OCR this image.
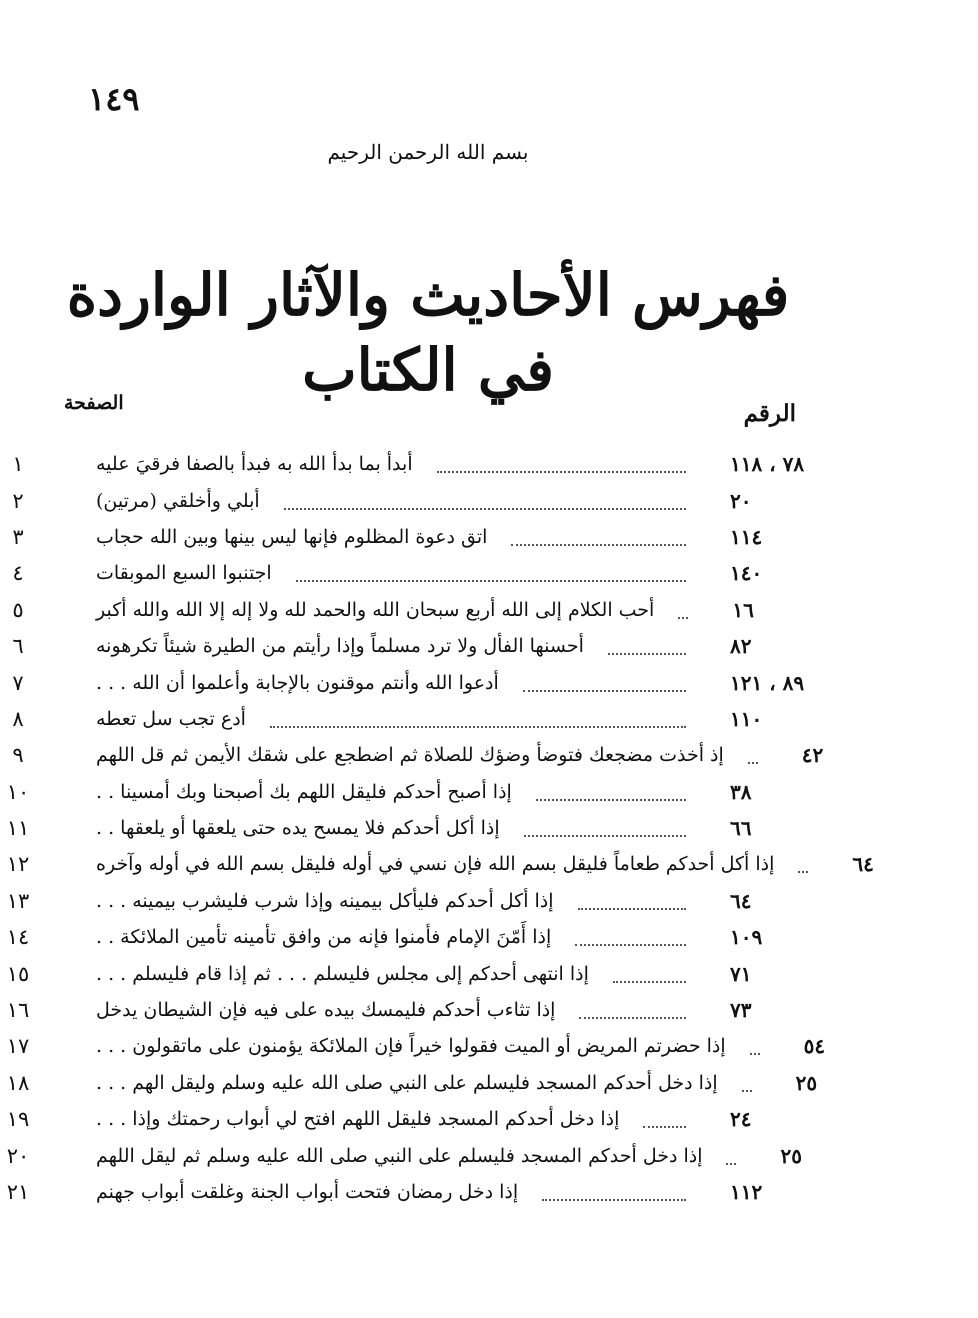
١٤٩
بسم الله الرحمن الرحيم
فهرس الأحاديث والآثار الواردة في الكتاب
الرقم
الصفحة
١	أبدأ بما بدأ الله به فبدأ بالصفا فرقيَ عليه	٧٨ ، ١١٨
٢	أبلي وأخلقي (مرتين)	٢٠
٣	اتق دعوة المظلوم فإنها ليس بينها وبين الله حجاب	١١٤
٤	اجتنبوا السبع الموبقات	١٤٠
٥	أحب الكلام إلى الله أربع سبحان الله والحمد لله ولا إله إلا الله والله أكبر	١٦
٦	أحسنها الفأل ولا ترد مسلماً وإذا رأيتم من الطيرة شيئاً تكرهونه	٨٢
٧	أدعوا الله وأنتم موقنون بالإجابة وأعلموا أن الله . . .	٨٩ ، ١٢١
٨	أدع تجب سل تعطه	١١٠
٩	إذ أخذت مضجعك فتوضأ وضؤك للصلاة ثم اضطجع على شقك الأيمن ثم قل اللهم	٤٢
١٠	إذا أصبح أحدكم فليقل اللهم بك أصبحنا وبك أمسينا . .	٣٨
١١	إذا أكل أحدكم فلا يمسح يده حتى يلعقها أو يلعقها . .	٦٦
١٢	إذا أكل أحدكم طعاماً فليقل بسم الله فإن نسي في أوله فليقل بسم الله في أوله وآخره	٦٤
١٣	إذا أكل أحدكم فليأكل بيمينه وإذا شرب فليشرب بيمينه . . .	٦٤
١٤	إذا أَمّنَ الإمام فأمنوا فإنه من وافق تأمينه تأمين الملائكة . .	١٠٩
١٥	إذا انتهى أحدكم إلى مجلس فليسلم . . . ثم إذا قام فليسلم . . .	٧١
١٦	إذا تثاءب أحدكم فليمسك بيده على فيه فإن الشيطان يدخل	٧٣
١٧	إذا حضرتم المريض أو الميت فقولوا خيراً فإن الملائكة يؤمنون على ماتقولون . . .	٥٤
١٨	إذا دخل أحدكم المسجد فليسلم على النبي صلى الله عليه وسلم وليقل الهم . . .	٢٥
١٩	إذا دخل أحدكم المسجد فليقل اللهم افتح لي أبواب رحمتك وإذا . . .	٢٤
٢٠	إذا دخل أحدكم المسجد فليسلم على النبي صلى الله عليه وسلم ثم ليقل اللهم	٢٥
٢١	إذا دخل رمضان فتحت أبواب الجنة وغلقت أبواب جهنم	١١٢
